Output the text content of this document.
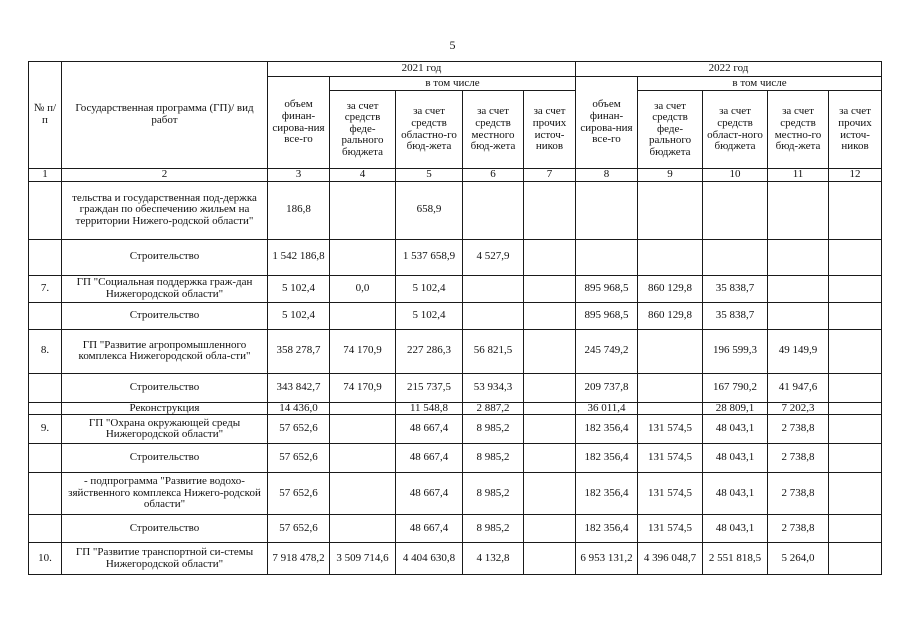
5
№ п/п	Государственная программа (ГП)/ вид работ	2021 год					2022 год				
		объем финан-сирова-ния все-го	в том числе				объем финан-сирова-ния все-го	в том числе			
			за счет средств феде-рального бюджета	за счет средств областно-го бюд-жета	за счет средств местного бюд-жета	за счет прочих источ-ников		за счет средств феде-рального бюджета	за счет средств област-ного бюджета	за счет средств местно-го бюд-жета	за счет прочих источ-ников
1	2	3	4	5	6	7	8	9	10	11	12
	тельства и государственная под-держка граждан по обеспечению жильем на территории Нижего-родской области"	186,8		658,9							
	Строительство	1 542 186,8		1 537 658,9	4 527,9						
7.	ГП "Социальная поддержка граж-дан Нижегородской области"	5 102,4	0,0	5 102,4			895 968,5	860 129,8	35 838,7		
	Строительство	5 102,4		5 102,4			895 968,5	860 129,8	35 838,7		
8.	ГП "Развитие агропромышленного комплекса Нижегородской обла-сти"	358 278,7	74 170,9	227 286,3	56 821,5		245 749,2		196 599,3	49 149,9	
	Строительство	343 842,7	74 170,9	215 737,5	53 934,3		209 737,8		167 790,2	41 947,6	
	Реконструкция	14 436,0		11 548,8	2 887,2		36 011,4		28 809,1	7 202,3	
9.	ГП "Охрана окружающей среды Нижегородской области"	57 652,6		48 667,4	8 985,2		182 356,4	131 574,5	48 043,1	2 738,8	
	Строительство	57 652,6		48 667,4	8 985,2		182 356,4	131 574,5	48 043,1	2 738,8	
	- подпрограмма "Развитие водохо-зяйственного комплекса Нижего-родской области"	57 652,6		48 667,4	8 985,2		182 356,4	131 574,5	48 043,1	2 738,8	
	Строительство	57 652,6		48 667,4	8 985,2		182 356,4	131 574,5	48 043,1	2 738,8	
10.	ГП "Развитие транспортной си-стемы Нижегородской области"	7 918 478,2	3 509 714,6	4 404 630,8	4 132,8		6 953 131,2	4 396 048,7	2 551 818,5	5 264,0	
